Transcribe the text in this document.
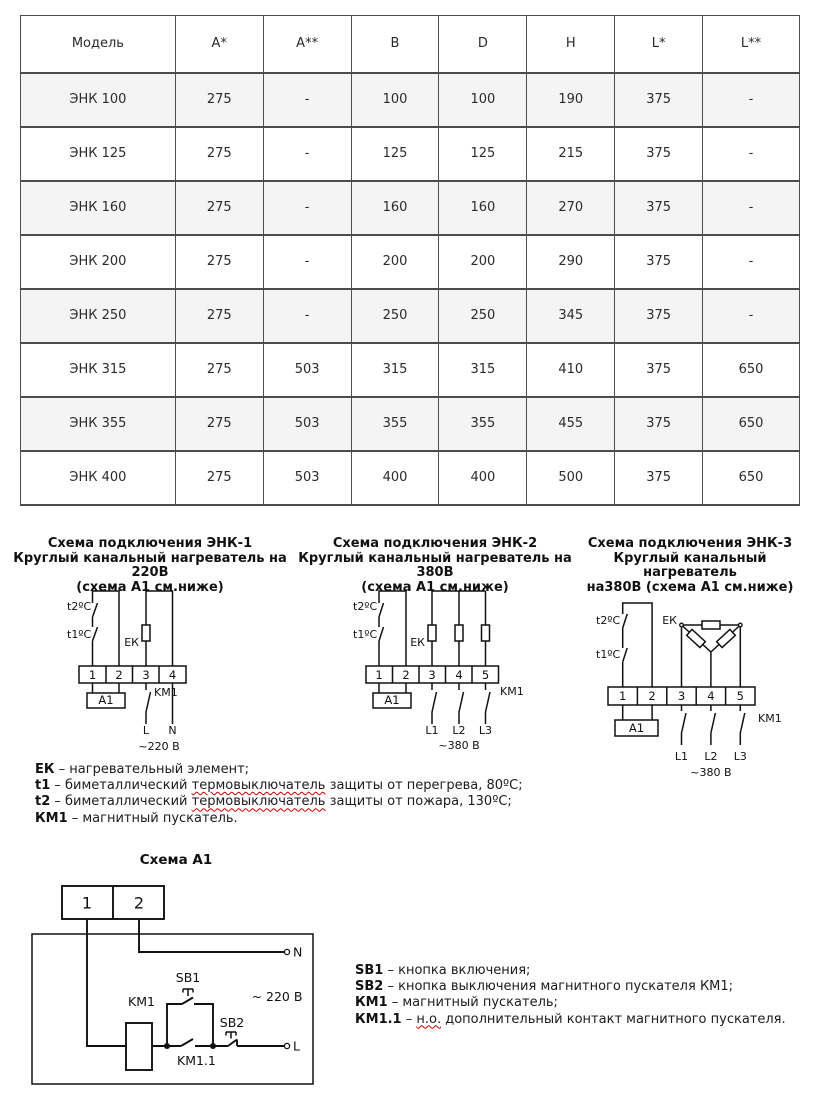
Модель	A*	A**	B	D	H	L*	L**
ЭНК 100	275	-	100	100	190	375	-
ЭНК 125	275	-	125	125	215	375	-
ЭНК 160	275	-	160	160	270	375	-
ЭНК 200	275	-	200	200	290	375	-
ЭНК 250	275	-	250	250	345	375	-
ЭНК 315	275	503	315	315	410	375	650
ЭНК 355	275	503	355	355	455	375	650
ЭНК 400	275	503	400	400	500	375	650
Схема подключения ЭНК-1
Круглый канальный нагреватель на 220В
(схема А1 см.ниже)
Схема подключения ЭНК-2
Круглый канальный нагреватель на 380В
(схема А1 см.ниже)
Схема подключения ЭНК-3
Круглый канальный нагреватель
на380В (схема А1 см.ниже)
t2ºC
t1ºC
ЕК
1 2 3 4
А1
KM1
L N
~220 В
t2ºC
t1ºC
ЕК
1 2 3 4 5
А1
KM1
L1 L2 L3
~380 В
t2ºC
t1ºC
ЕК
1 2 3 4 5
А1
KM1
L1 L2 L3
~380 В
ЕК – нагревательный элемент;
t1 – биметаллический термовыключатель защиты от перегрева, 80ºС;
t2 – биметаллический термовыключатель защиты от пожара, 130ºС;
КМ1 – магнитный пускатель.
Схема А1
1	2
N
L
KM1
SB1
SB2
KM1.1
~ 220 В
SB1 – кнопка включения;
SB2 – кнопка выключения магнитного пускателя КМ1;
КМ1 – магнитный пускатель;
КМ1.1 – н.о. дополнительный контакт магнитного пускателя.
